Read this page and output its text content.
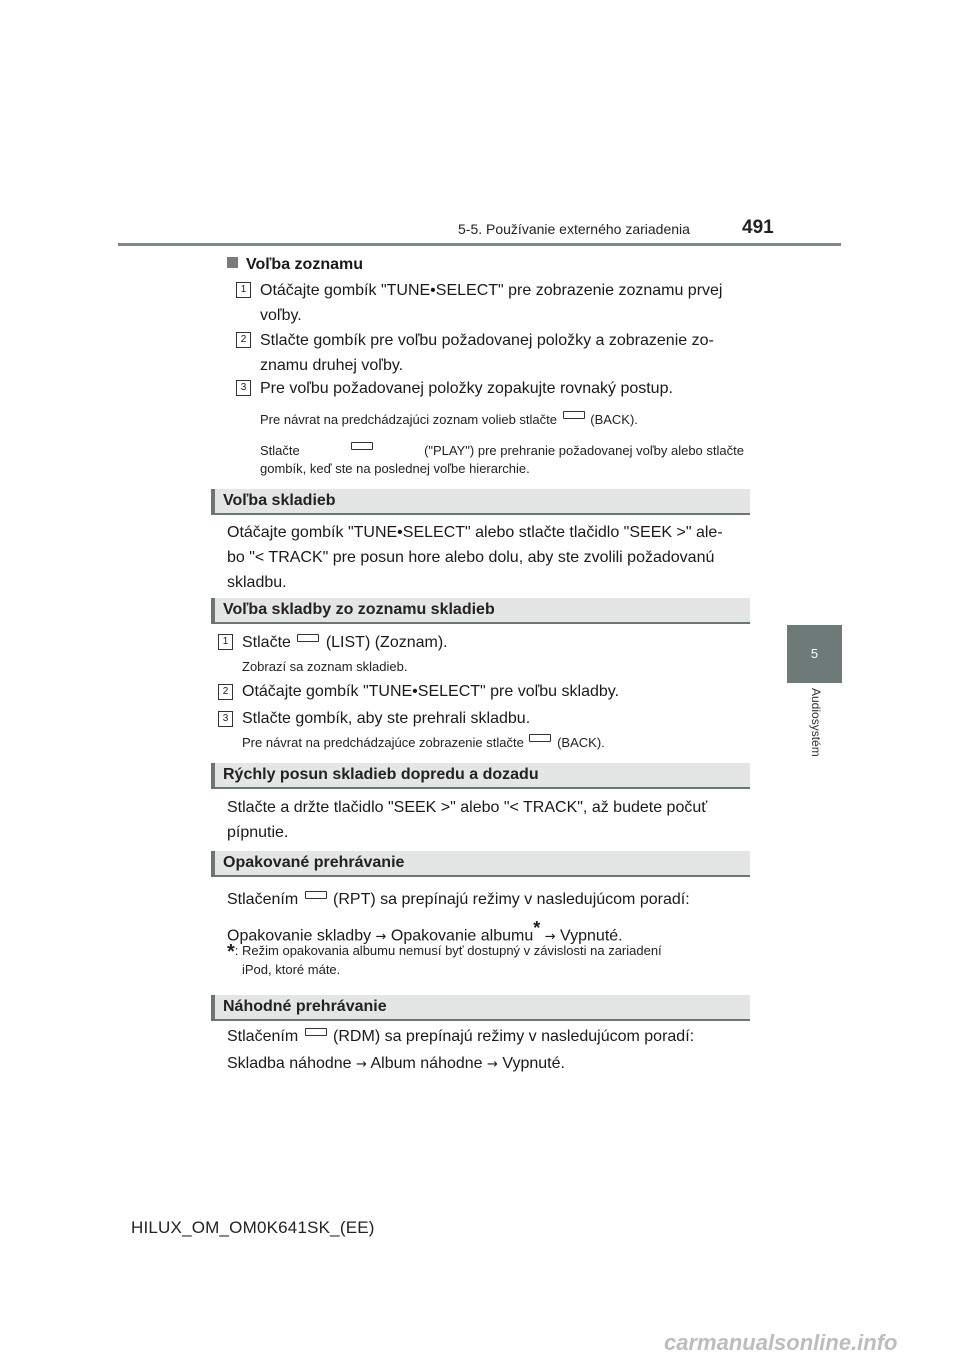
5-5. Používanie externého zariadenia	491
5
Audiosystém
Voľba zoznamu
1 Otáčajte gombík "TUNE•SELECT" pre zobrazenie zoznamu prvej
voľby.
2 Stlačte gombík pre voľbu požadovanej položky a zobrazenie zo-
znamu druhej voľby.
3 Pre voľbu požadovanej položky zopakujte rovnaký postup.
Pre návrat na predchádzajúci zoznam volieb stlačte	(BACK).
Stlačte	("PLAY") pre prehranie požadovanej voľby alebo stlačte
gombík, keď ste na poslednej voľbe hierarchie.
Voľba skladieb
Otáčajte gombík "TUNE•SELECT" alebo stlačte tlačidlo "SEEK >" ale-
bo "< TRACK" pre posun hore alebo dolu, aby ste zvolili požadovanú
skladbu.
Voľba skladby zo zoznamu skladieb
1 Stlačte (LIST) (Zoznam).
Zobrazí sa zoznam skladieb.
2 Otáčajte gombík "TUNE•SELECT" pre voľbu skladby.
3 Stlačte gombík, aby ste prehrali skladbu.
Pre návrat na predchádzajúce zobrazenie stlačte	(BACK).
Rýchly posun skladieb dopredu a dozadu
Stlačte a držte tlačidlo "SEEK >" alebo "< TRACK", až budete počuť
pípnutie.
Opakované prehrávanie
Stlačením (RPT) sa prepínajú režimy v nasledujúcom poradí:
Opakovanie skladby → Opakovanie albumu* → Vypnuté.
*: Režim opakovania albumu nemusí byť dostupný v závislosti na zariadení
iPod, ktoré máte.
Náhodné prehrávanie
Stlačením (RDM) sa prepínajú režimy v nasledujúcom poradí:
Skladba náhodne → Album náhodne → Vypnuté.
HILUX_OM_OM0K641SK_(EE)
carmanualsonline.info
